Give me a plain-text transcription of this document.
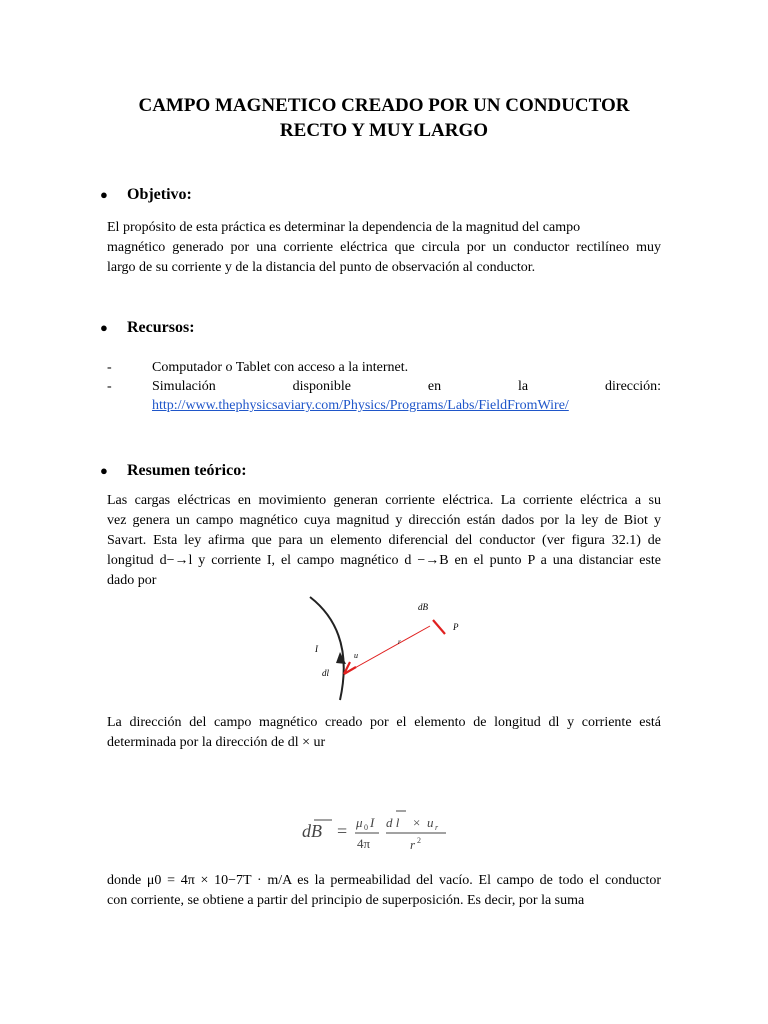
CAMPO MAGNETICO CREADO POR UN CONDUCTOR
RECTO Y MUY LARGO
● Objetivo:
El propósito de esta práctica es determinar la dependencia de la magnitud del campo
magnético generado por una corriente eléctrica que circula por un conductor rectilíneo muy
largo de su corriente y de la distancia del punto de observación al conductor.
● Recursos:
-	Computador o Tablet con acceso a la internet.
-	Simulación	disponible	en	la	dirección:
http://www.thephysicsaviary.com/Physics/Programs/Labs/FieldFromWire/
● Resumen teórico:
Las cargas eléctricas en movimiento generan corriente eléctrica. La corriente eléctrica a su
vez genera un campo magnético cuya magnitud y dirección están dados por la ley de Biot y
Savart. Esta ley afirma que para un elemento diferencial del conductor (ver figura 32.1) de
longitud d−→l y corriente I, el campo magnético d −→B en el punto P a una distanciar este
dado por
dB
P
I
dl
u
r
La dirección del campo magnético creado por el elemento de longitud dl y corriente está
determinada por la dirección de dl × ur
dB = μ 0 I
4π
d l × u r
r 2
donde μ0 = 4π × 10−7T · m/A es la permeabilidad del vacío. El campo de todo el conductor
con corriente, se obtiene a partir del principio de superposición. Es decir, por la suma
